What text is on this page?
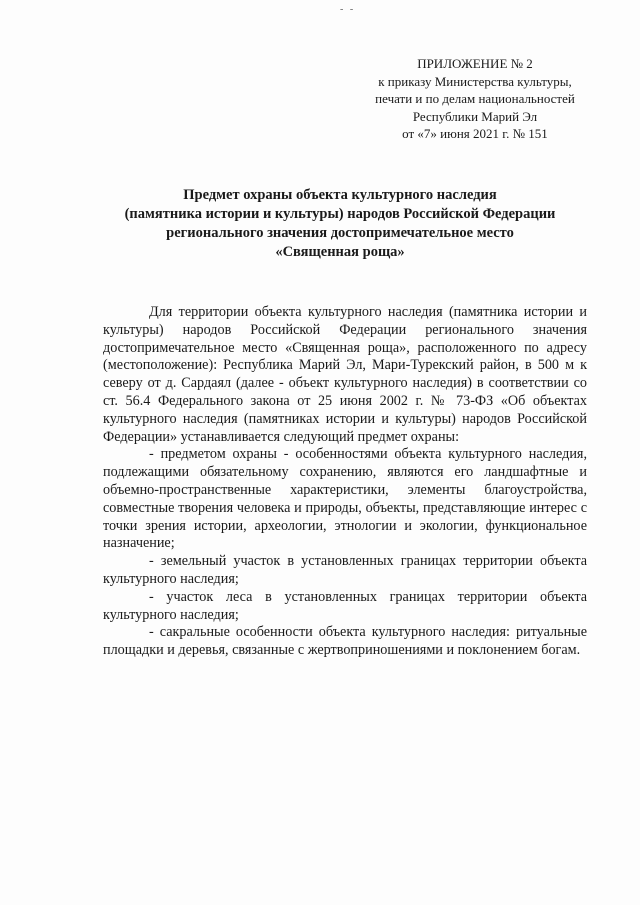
- -
ПРИЛОЖЕНИЕ № 2
к приказу Министерства культуры,
печати и по делам национальностей
Республики Марий Эл
от «7» июня 2021 г. № 151
Предмет охраны объекта культурного наследия
(памятника истории и культуры) народов Российской Федерации
регионального значения достопримечательное место
«Священная роща»

Для территории объекта культурного наследия (памятника истории и культуры) народов Российской Федерации регионального значения достопримечательное место «Священная роща», расположенного по адресу (местоположение): Республика Марий Эл, Мари-Турекский район, в 500 м к северу от д. Сардаял (далее - объект культурного наследия) в соответствии со ст. 56.4 Федерального закона от 25 июня 2002 г. № 73-ФЗ «Об объектах культурного наследия (памятниках истории и культуры) народов Российской Федерации» устанавливается следующий предмет охраны:

- предметом охраны - особенностями объекта культурного наследия, подлежащими обязательному сохранению, являются его ландшафтные и объемно-пространственные характеристики, элементы благоустройства, совместные творения человека и природы, объекты, представляющие интерес с точки зрения истории, археологии, этнологии и экологии, функциональное назначение;

- земельный участок в установленных границах территории объекта культурного наследия;

- участок леса в установленных границах территории объекта культурного наследия;

- сакральные особенности объекта культурного наследия: ритуальные площадки и деревья, связанные с жертвоприношениями и поклонением богам.
